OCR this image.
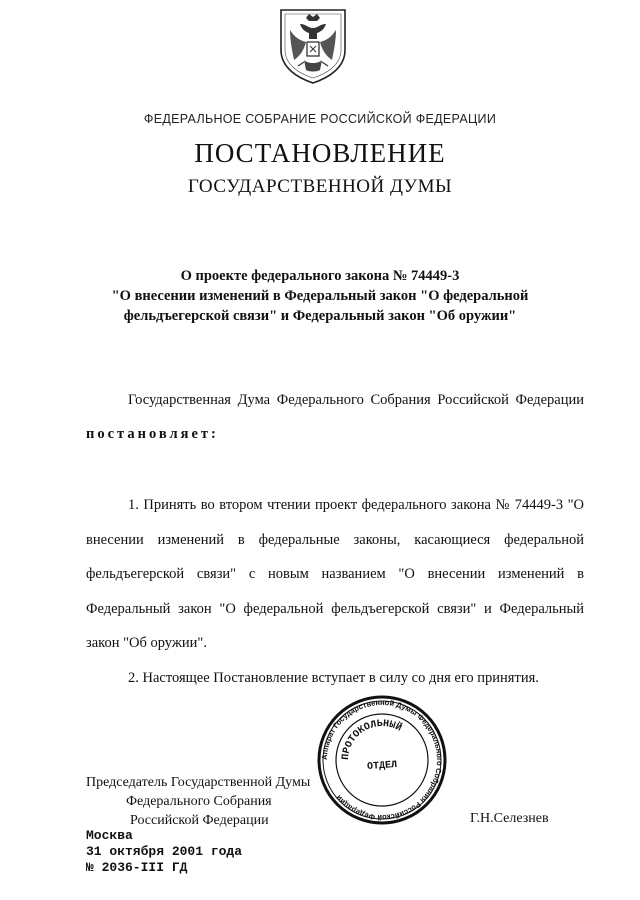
ФЕДЕРАЛЬНОЕ СОБРАНИЕ РОССИЙСКОЙ ФЕДЕРАЦИИ
ПОСТАНОВЛЕНИЕ
ГОСУДАРСТВЕННОЙ ДУМЫ
О проекте федерального закона № 74449-3
"О внесении изменений в Федеральный закон "О федеральной
фельдъегерской связи" и Федеральный закон "Об оружии"
Государственная Дума Федерального Собрания Российской Федерации
постановляет:
1. Принять во втором чтении проект федерального закона № 74449-3 "О внесении изменений в федеральные законы, касающиеся федеральной фельдъегерской связи" с новым названием "О внесении изменений в Федеральный закон "О федеральной фельдъегерской связи" и Федеральный
закон "Об оружии".
2. Настоящее Постановление вступает в силу со дня его принятия.
Аппарат Государственной Думы Федерального Собрания Российской Федерации
ПРОТОКОЛЬНЫЙ
ОТДЕЛ
Председатель Государственной Думы
Федерального Собрания
Российской Федерации	Г.Н.Селезнев
Москва
31 октября 2001 года
№ 2036-III ГД
